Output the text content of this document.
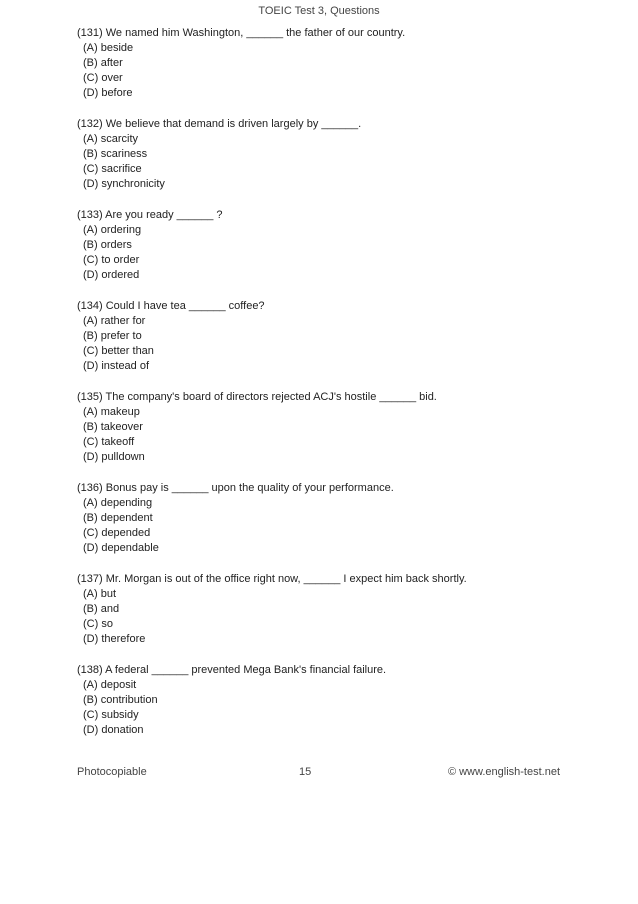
TOEIC Test 3, Questions
(131) We named him Washington, ______ the father of our country.
(A) beside
(B) after
(C) over
(D) before
(132) We believe that demand is driven largely by ______.
(A) scarcity
(B) scariness
(C) sacrifice
(D) synchronicity
(133) Are you ready ______ ?
(A) ordering
(B) orders
(C) to order
(D) ordered
(134) Could I have tea ______ coffee?
(A) rather for
(B) prefer to
(C) better than
(D) instead of
(135) The company's board of directors rejected ACJ's hostile ______ bid.
(A) makeup
(B) takeover
(C) takeoff
(D) pulldown
(136) Bonus pay is ______ upon the quality of your performance.
(A) depending
(B) dependent
(C) depended
(D) dependable
(137) Mr. Morgan is out of the office right now, ______ I expect him back shortly.
(A) but
(B) and
(C) so
(D) therefore
(138) A federal ______ prevented Mega Bank's financial failure.
(A) deposit
(B) contribution
(C) subsidy
(D) donation
Photocopiable	15	© www.english-test.net
